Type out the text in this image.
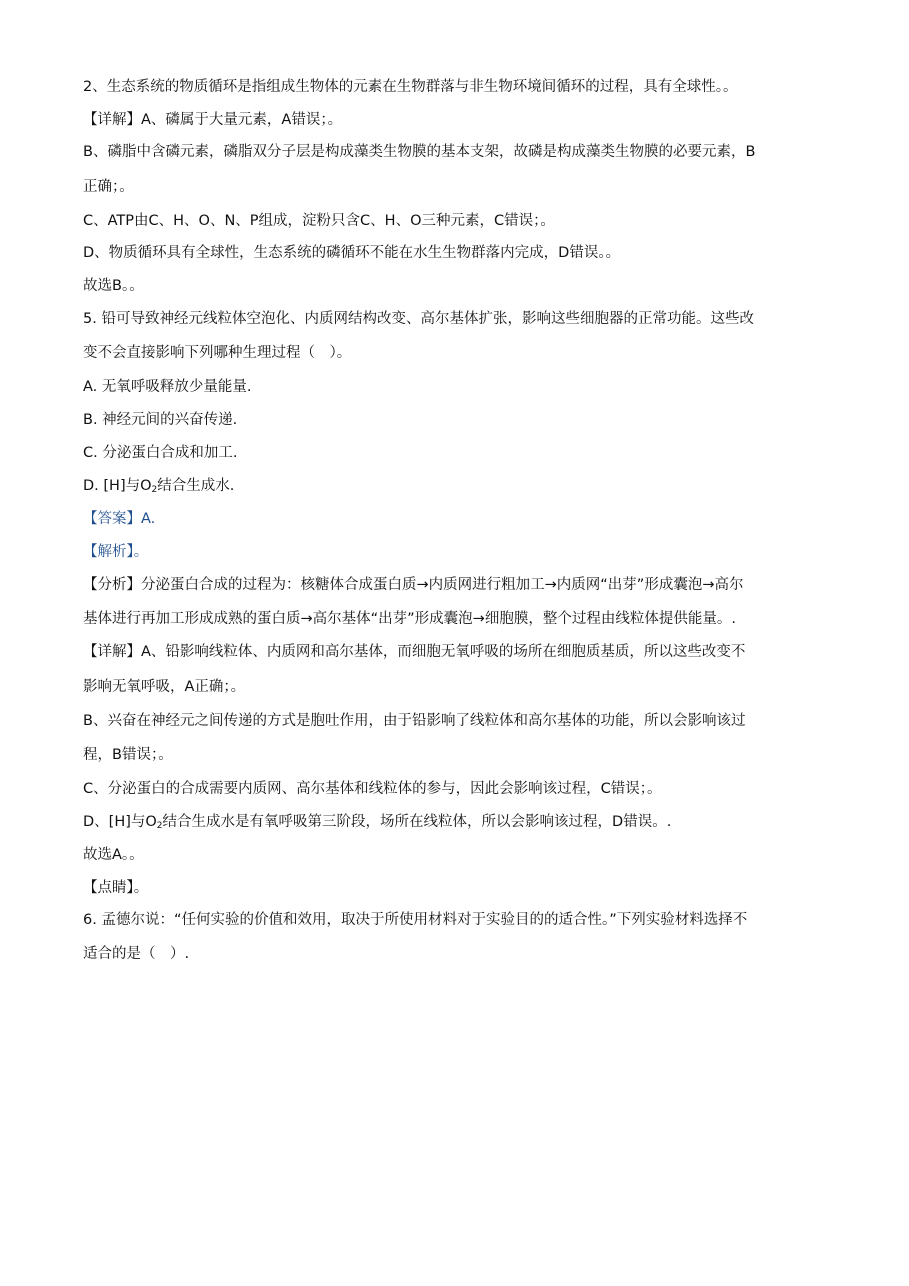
2、生态系统的物质循环是指组成生物体的元素在生物群落与非生物环境间循环的过程，具有全球性。。
【详解】A、磷属于大量元素，A错误；。
B、磷脂中含磷元素，磷脂双分子层是构成藻类生物膜的基本支架，故磷是构成藻类生物膜的必要元素，B
正确；。
C、ATP由C、H、O、N、P组成，淀粉只含C、H、O三种元素，C错误；。
D、物质循环具有全球性，生态系统的磷循环不能在水生生物群落内完成，D错误。。
故选B。。
5. 铅可导致神经元线粒体空泡化、内质网结构改变、高尔基体扩张，影响这些细胞器的正常功能。这些改
变不会直接影响下列哪种生理过程（　）。
A. 无氧呼吸释放少量能量.
B. 神经元间的兴奋传递.
C. 分泌蛋白合成和加工.
D. [H]与$O_2$结合生成水.
【答案】A.
【解析】。
【分析】分泌蛋白合成的过程为：核糖体合成蛋白质→内质网进行粗加工→内质网“出芽”形成囊泡→高尔
基体进行再加工形成成熟的蛋白质→高尔基体“出芽”形成囊泡→细胞膜，整个过程由线粒体提供能量。.
【详解】A、铅影响线粒体、内质网和高尔基体，而细胞无氧呼吸的场所在细胞质基质，所以这些改变不
影响无氧呼吸，A正确；。
B、兴奋在神经元之间传递的方式是胞吐作用，由于铅影响了线粒体和高尔基体的功能，所以会影响该过
程，B错误；。
C、分泌蛋白的合成需要内质网、高尔基体和线粒体的参与，因此会影响该过程，C错误；。
D、[H]与$O_2$结合生成水是有氧呼吸第三阶段，场所在线粒体，所以会影响该过程，D错误。.
故选A。。
【点睛】。
6. 孟德尔说：“任何实验的价值和效用，取决于所使用材料对于实验目的的适合性。”下列实验材料选择不
适合的是（　）.
